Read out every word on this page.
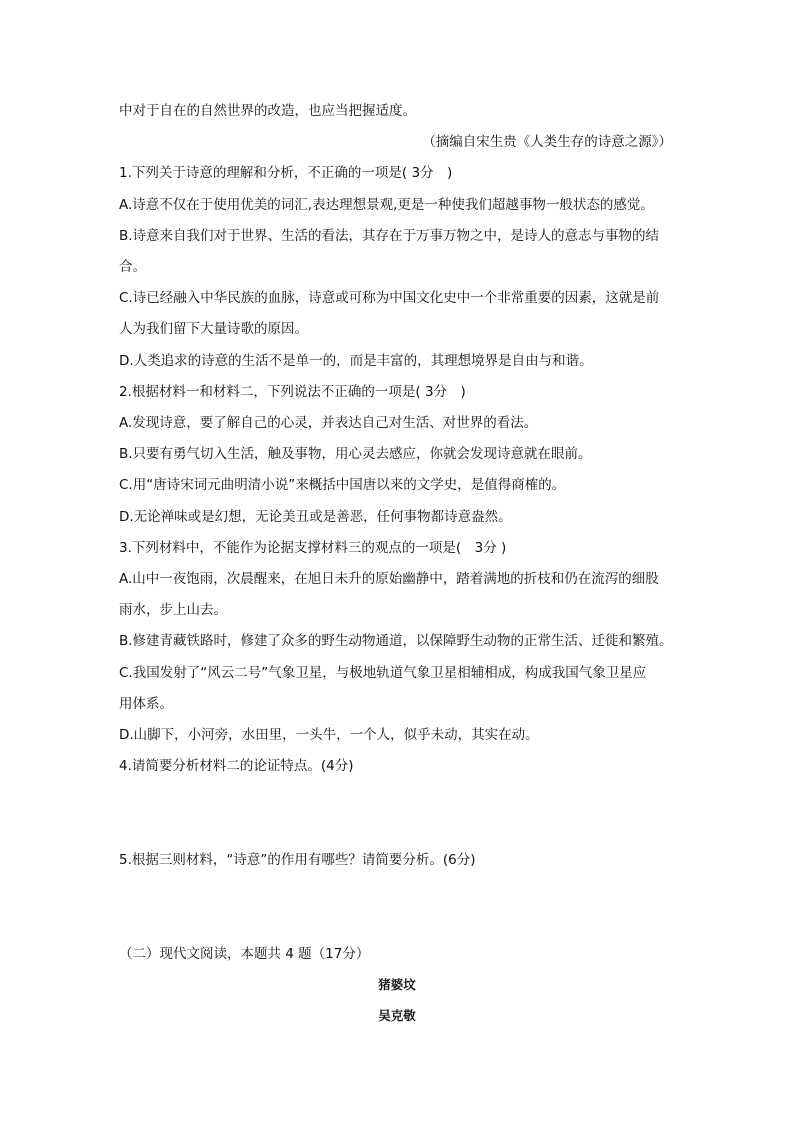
中对于自在的自然世界的改造，也应当把握适度。
（摘编自宋生贵《人类生存的诗意之源》）
1.下列关于诗意的理解和分析，不正确的一项是( 3分　)
A.诗意不仅在于使用优美的词汇,表达理想景观,更是一种使我们超越事物一般状态的感觉。
B.诗意来自我们对于世界、生活的看法，其存在于万事万物之中，是诗人的意志与事物的结
合。
C.诗已经融入中华民族的血脉，诗意或可称为中国文化史中一个非常重要的因素，这就是前
人为我们留下大量诗歌的原因。
D.人类追求的诗意的生活不是单一的，而是丰富的，其理想境界是自由与和谐。
2.根据材料一和材料二，下列说法不正确的一项是( 3分　)
A.发现诗意，要了解自己的心灵，并表达自己对生活、对世界的看法。
B.只要有勇气切入生活，触及事物，用心灵去感应，你就会发现诗意就在眼前。
C.用“唐诗宋词元曲明清小说”来概括中国唐以来的文学史，是值得商榷的。
D.无论禅味或是幻想，无论美丑或是善恶，任何事物都诗意盎然。
3.下列材料中，不能作为论据支撑材料三的观点的一项是(　3分 )
A.山中一夜饱雨，次晨醒来，在旭日未升的原始幽静中，踏着满地的折枝和仍在流泻的细股
雨水，步上山去。
B.修建青藏铁路时，修建了众多的野生动物通道，以保障野生动物的正常生活、迁徙和繁殖。
C.我国发射了“风云二号”气象卫星，与极地轨道气象卫星相辅相成，构成我国气象卫星应
用体系。
D.山脚下，小河旁，水田里，一头牛，一个人，似乎未动，其实在动。
4.请简要分析材料二的论证特点。(4分)
5.根据三则材料，“诗意”的作用有哪些？请简要分析。(6分)
（二）现代文阅读，本题共 4 题（17分）
猪婆坟
吴克敬
